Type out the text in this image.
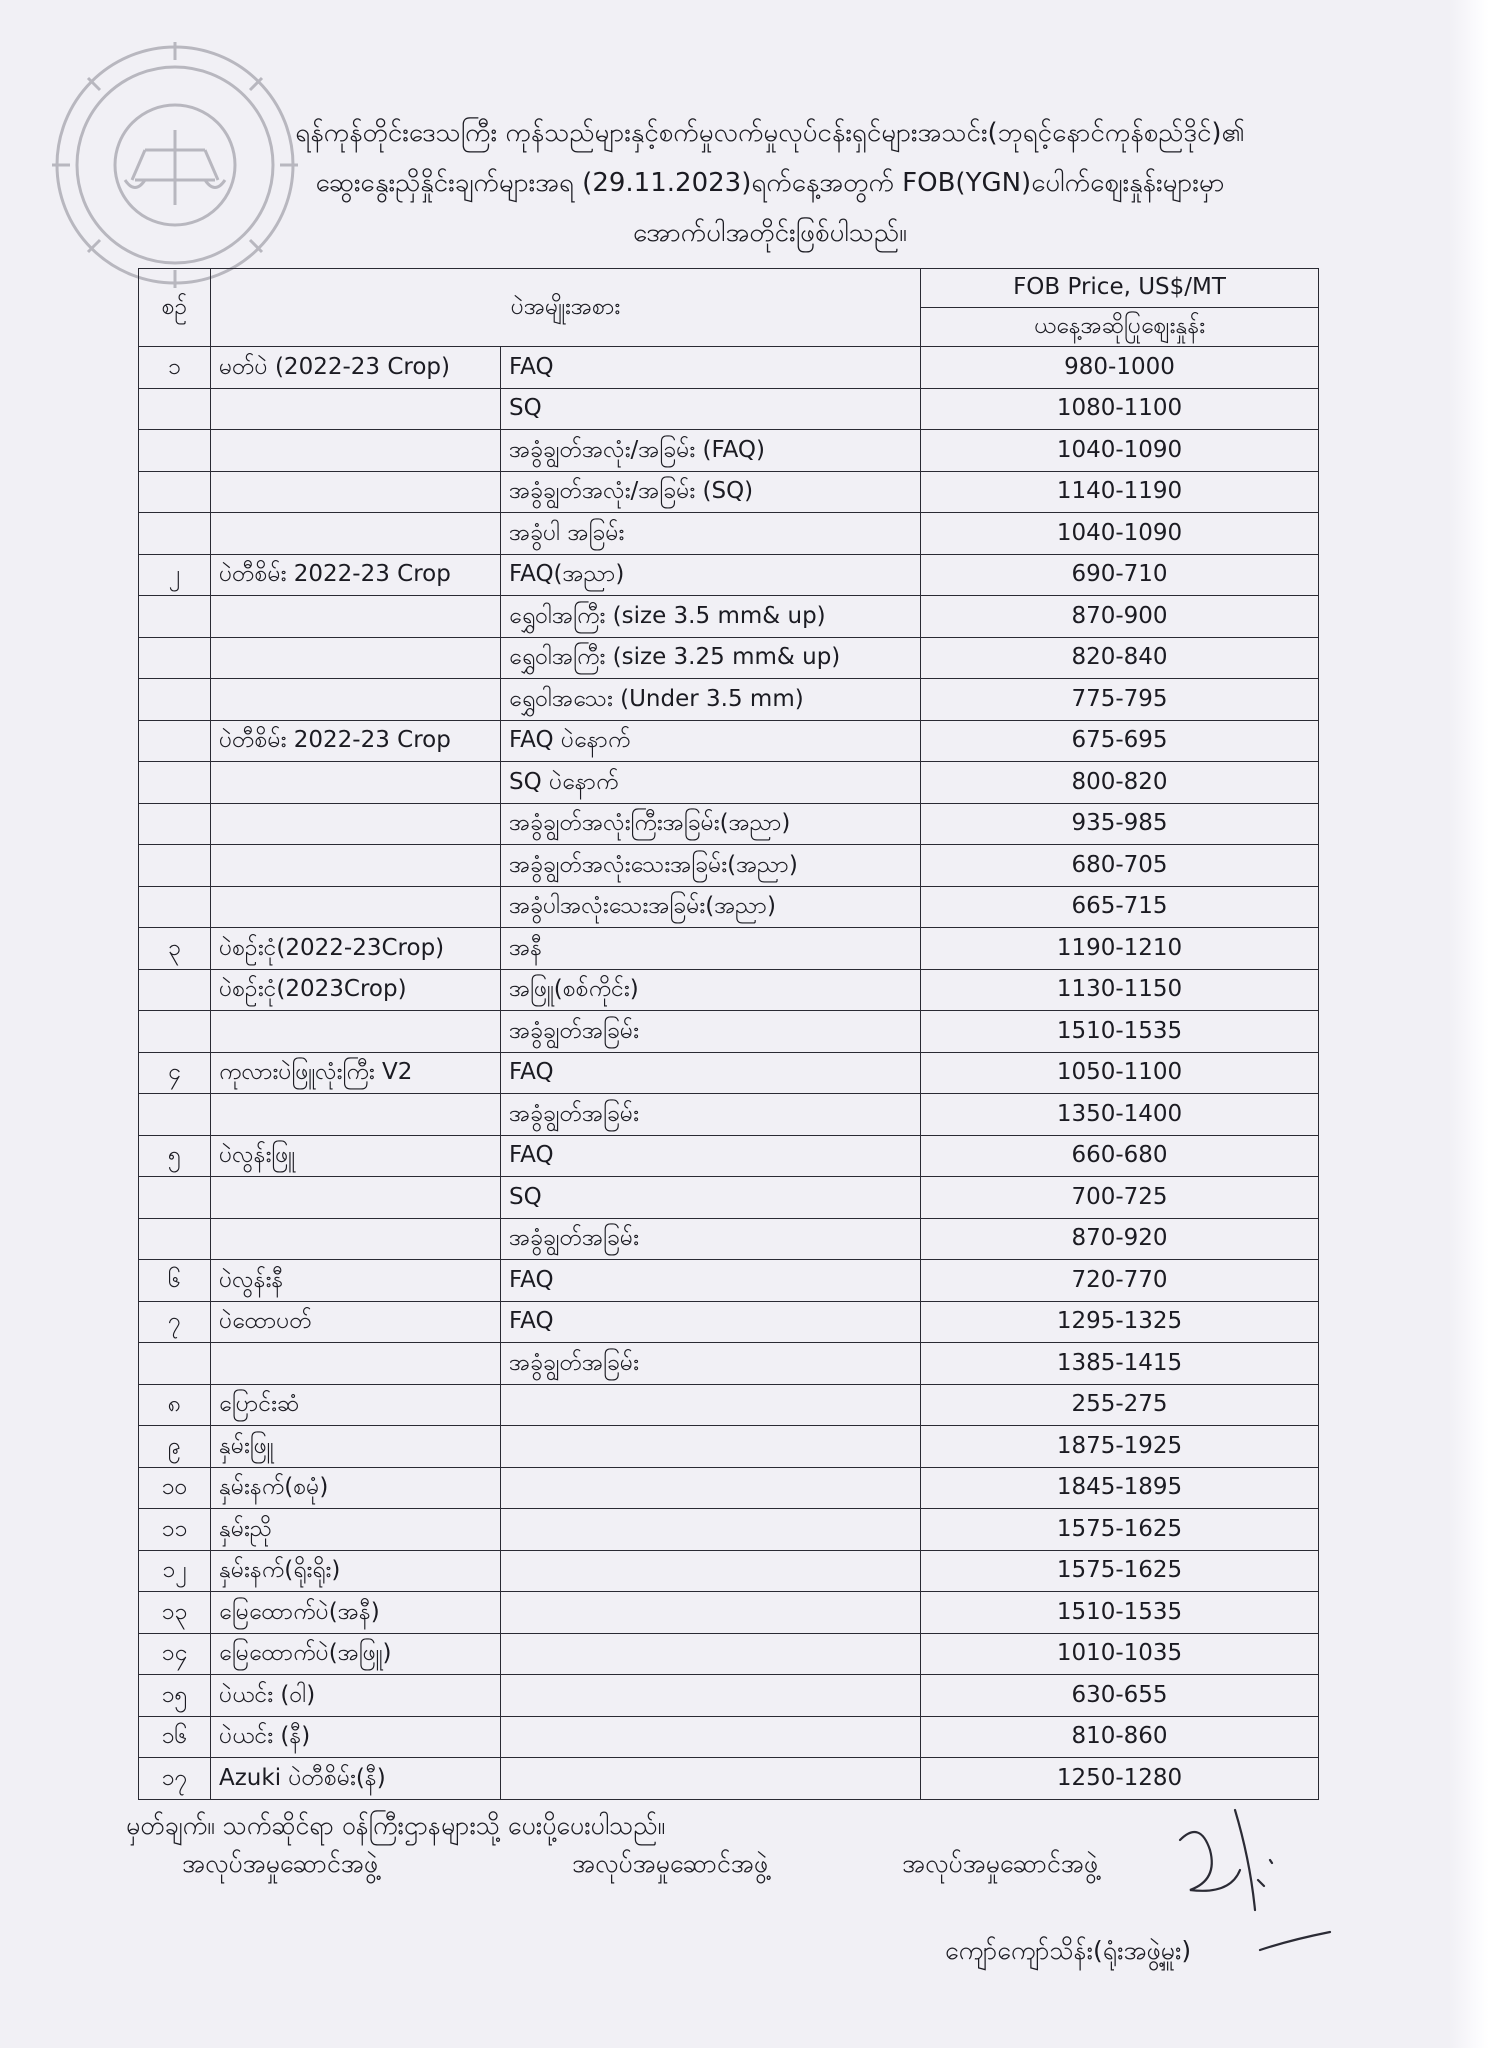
ရန်ကုန်တိုင်းဒေသကြီး ကုန်သည်များနှင့်စက်မှုလက်မှုလုပ်ငန်းရှင်များအသင်း(ဘုရင့်နောင်ကုန်စည်ဒိုင်)၏
ဆွေးနွေးညှိနှိုင်းချက်များအရ (29.11.2023)ရက်နေ့အတွက် FOB(YGN)ပေါက်ဈေးနှုန်းများမှာ
အောက်ပါအတိုင်းဖြစ်ပါသည်။
စဉ်	ပဲအမျိုးအစား		FOB Price, US$/MT
			ယနေ့အဆိုပြုဈေးနှုန်း
၁	မတ်ပဲ (2022-23 Crop)	FAQ	980-1000
		SQ	1080-1100
		အခွံချွတ်အလုံး/အခြမ်း (FAQ)	1040-1090
		အခွံချွတ်အလုံး/အခြမ်း (SQ)	1140-1190
		အခွံပါ အခြမ်း	1040-1090
၂	ပဲတီစိမ်း 2022-23 Crop	FAQ(အညာ)	690-710
		ရွှေဝါအကြီး (size 3.5 mm& up)	870-900
		ရွှေဝါအကြီး (size 3.25 mm& up)	820-840
		ရွှေဝါအသေး (Under 3.5 mm)	775-795
	ပဲတီစိမ်း 2022-23 Crop	FAQ ပဲနောက်	675-695
		SQ ပဲနောက်	800-820
		အခွံချွတ်အလုံးကြီးအခြမ်း(အညာ)	935-985
		အခွံချွတ်အလုံးသေးအခြမ်း(အညာ)	680-705
		အခွံပါအလုံးသေးအခြမ်း(အညာ)	665-715
၃	ပဲစဉ်းငုံ(2022-23Crop)	အနီ	1190-1210
	ပဲစဉ်းငုံ(2023Crop)	အဖြူ(စစ်ကိုင်း)	1130-1150
		အခွံချွတ်အခြမ်း	1510-1535
၄	ကုလားပဲဖြူလုံးကြီး V2	FAQ	1050-1100
		အခွံချွတ်အခြမ်း	1350-1400
၅	ပဲလွန်းဖြူ	FAQ	660-680
		SQ	700-725
		အခွံချွတ်အခြမ်း	870-920
၆	ပဲလွန်းနီ	FAQ	720-770
၇	ပဲထောပတ်	FAQ	1295-1325
		အခွံချွတ်အခြမ်း	1385-1415
၈	ပြောင်းဆံ		255-275
၉	နှမ်းဖြူ		1875-1925
၁၀	နှမ်းနက်(စမုံ)		1845-1895
၁၁	နှမ်းညို		1575-1625
၁၂	နှမ်းနက်(ရိုးရိုး)		1575-1625
၁၃	မြေထောက်ပဲ(အနီ)		1510-1535
၁၄	မြေထောက်ပဲ(အဖြူ)		1010-1035
၁၅	ပဲယင်း (ဝါ)		630-655
၁၆	ပဲယင်း (နီ)		810-860
၁၇	Azuki ပဲတီစိမ်း(နီ)		1250-1280
မှတ်ချက်။ သက်ဆိုင်ရာ ဝန်ကြီးဌာနများသို့ ပေးပို့ပေးပါသည်။
အလုပ်အမှုဆောင်အဖွဲ့	အလုပ်အမှုဆောင်အဖွဲ့	အလုပ်အမှုဆောင်အဖွဲ့
ကျော်ကျော်သိန်း(ရုံးအဖွဲ့မှူး)
